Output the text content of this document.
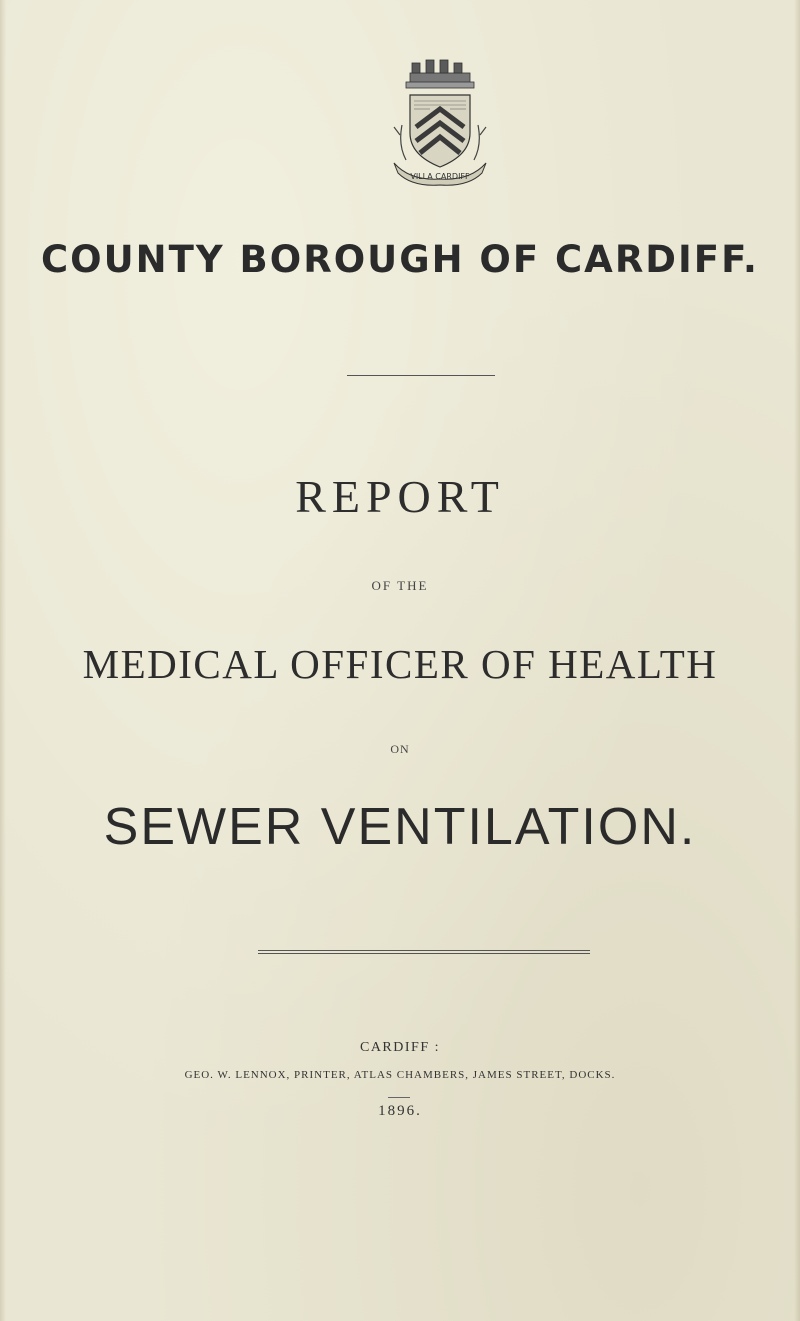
VILLA CARDIFF
COUNTY BOROUGH OF CARDIFF.
REPORT
OF THE
MEDICAL OFFICER OF HEALTH
ON
SEWER VENTILATION.
CARDIFF :
GEO. W. LENNOX, PRINTER, ATLAS CHAMBERS, JAMES STREET, DOCKS.
1896.
